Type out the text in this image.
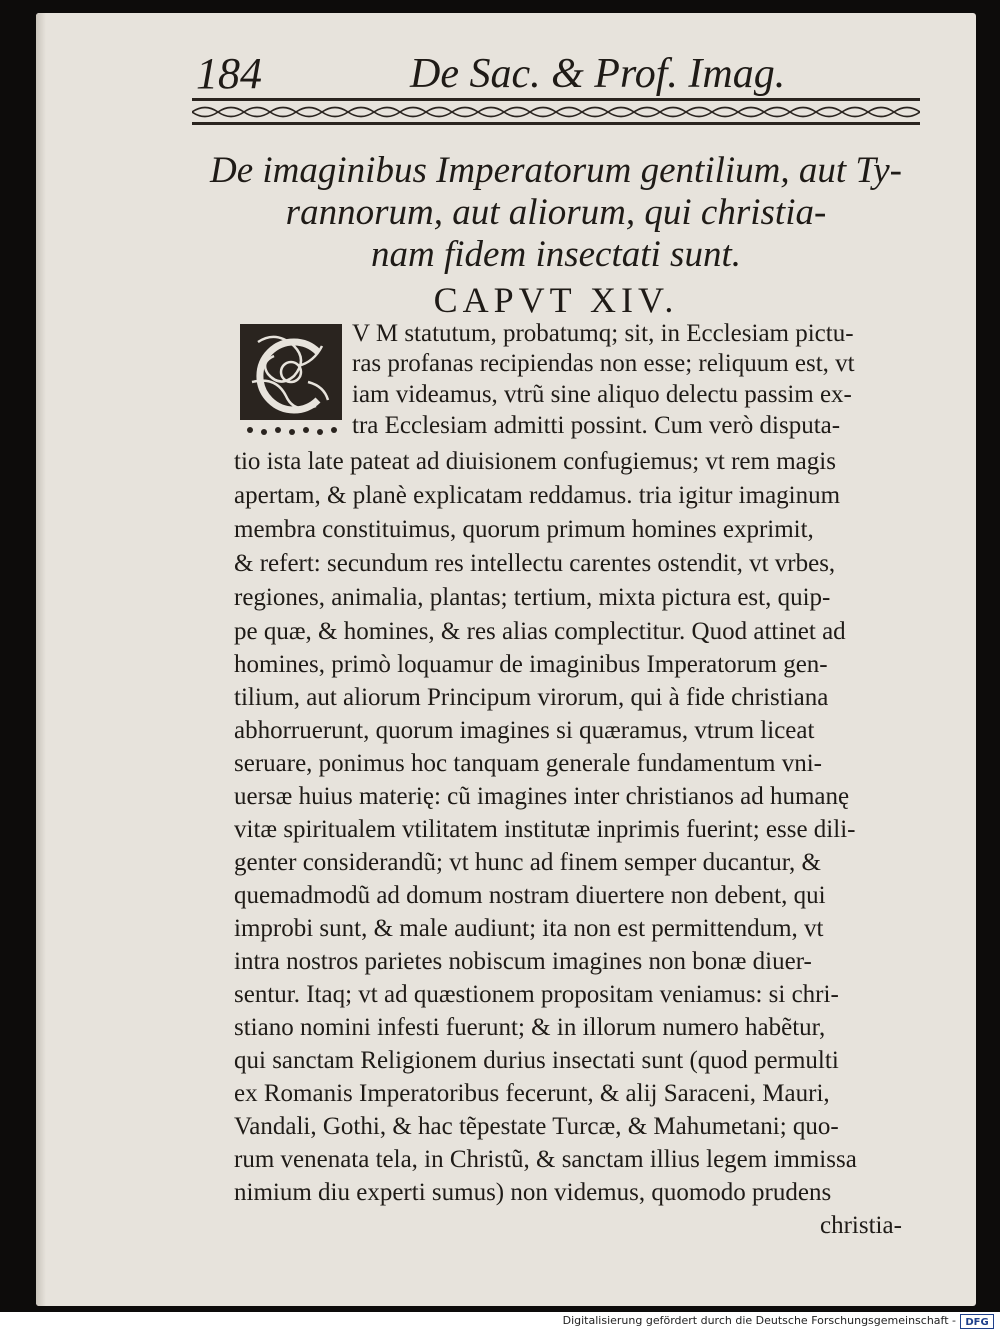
184	De Sac. & Prof. Imag.
De imaginibus Imperatorum gentilium, aut Ty-
rannorum, aut aliorum, qui christia-
nam fidem insectati sunt.
CAPVT XIV.
V M statutum, probatumq; sit, in Ecclesiam pictu-
ras profanas recipiendas non esse; reliquum est, vt
iam videamus, vtrũ sine aliquo delectu passim ex-
tra Ecclesiam admitti possint. Cum verò disputa-
tio ista late pateat ad diuisionem confugiemus; vt rem magis
apertam, & planè explicatam reddamus. tria igitur imaginum
membra constituimus, quorum primum homines exprimit,
& refert: secundum res intellectu carentes ostendit, vt vrbes,
regiones, animalia, plantas; tertium, mixta pictura est, quip-
pe quæ, & homines, & res alias complectitur. Quod attinet ad
homines, primò loquamur de imaginibus Imperatorum gen-
tilium, aut aliorum Principum virorum, qui à fide christiana
abhorruerunt, quorum imagines si quæramus, vtrum liceat
seruare, ponimus hoc tanquam generale fundamentum vni-
uersæ huius materię: cũ imagines inter christianos ad humanę
vitæ spiritualem vtilitatem institutæ inprimis fuerint; esse dili-
genter considerandũ; vt hunc ad finem semper ducantur, &
quemadmodũ ad domum nostram diuertere non debent, qui
improbi sunt, & male audiunt; ita non est permittendum, vt
intra nostros parietes nobiscum imagines non bonæ diuer-
sentur. Itaq; vt ad quæstionem propositam veniamus: si chri-
stiano nomini infesti fuerunt; & in illorum numero habẽtur,
qui sanctam Religionem durius insectati sunt (quod permulti
ex Romanis Imperatoribus fecerunt, & alij Saraceni, Mauri,
Vandali, Gothi, & hac tẽpestate Turcæ, & Mahumetani; quo-
rum venenata tela, in Christũ, & sanctam illius legem immissa
nimium diu experti sumus) non videmus, quomodo prudens
christia-
Digitalisierung gefördert durch die Deutsche Forschungsgemeinschaft - DFG
